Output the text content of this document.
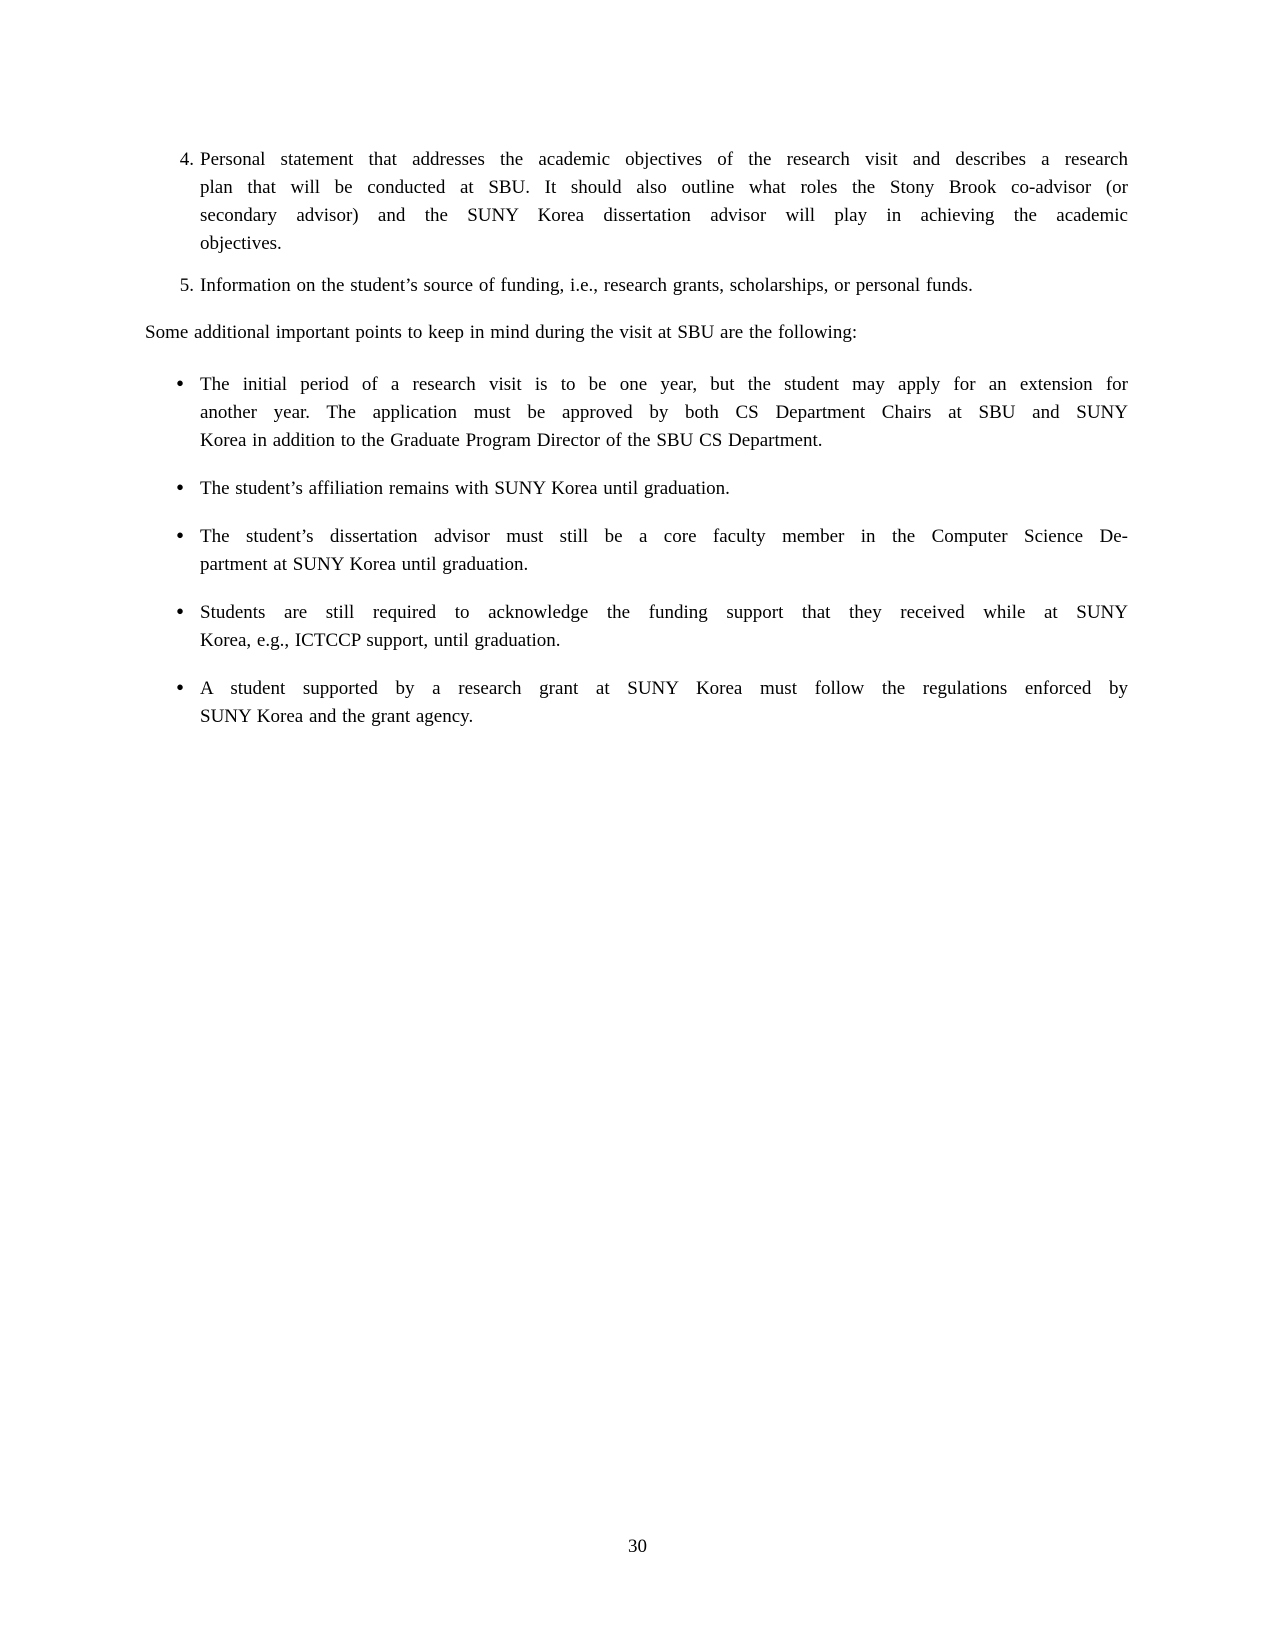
4. Personal statement that addresses the academic objectives of the research visit and describes a research
plan that will be conducted at SBU. It should also outline what roles the Stony Brook co-advisor (or
secondary advisor) and the SUNY Korea dissertation advisor will play in achieving the academic
objectives.
5. Information on the student’s source of funding, i.e., research grants, scholarships, or personal funds.

Some additional important points to keep in mind during the visit at SBU are the following:

• The initial period of a research visit is to be one year, but the student may apply for an extension for
another year. The application must be approved by both CS Department Chairs at SBU and SUNY
Korea in addition to the Graduate Program Director of the SBU CS Department.
• The student’s affiliation remains with SUNY Korea until graduation.
• The student’s dissertation advisor must still be a core faculty member in the Computer Science De-
partment at SUNY Korea until graduation.
• Students are still required to acknowledge the funding support that they received while at SUNY
Korea, e.g., ICTCCP support, until graduation.
• A student supported by a research grant at SUNY Korea must follow the regulations enforced by
SUNY Korea and the grant agency.
30
